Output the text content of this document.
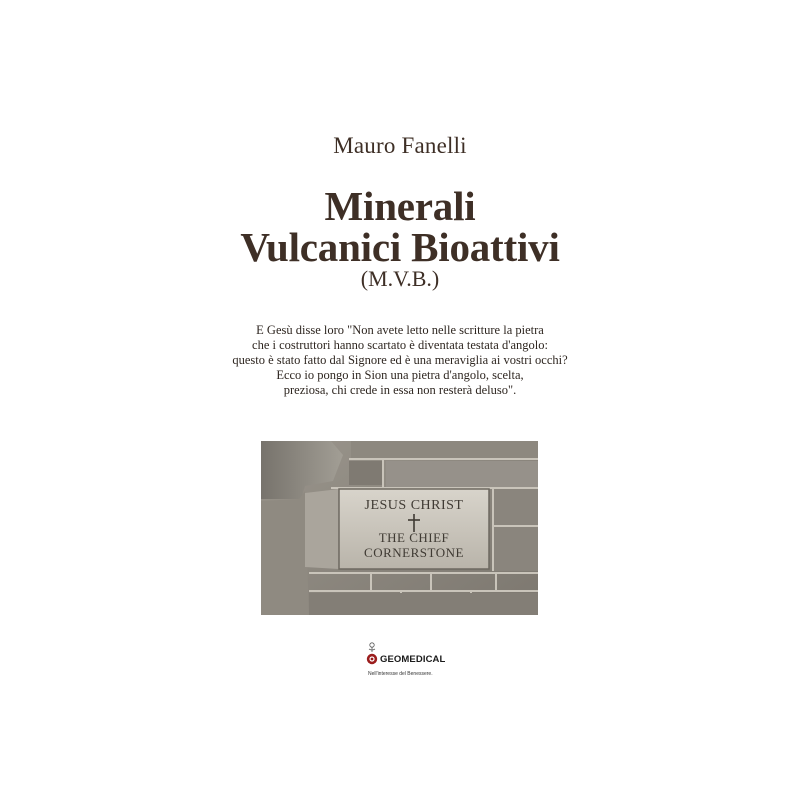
Mauro Fanelli
Minerali
Vulcanici Bioattivi
(M.V.B.)
E Gesù disse loro "Non avete letto nelle scritture la pietra
che i costruttori hanno scartato è diventata testata d'angolo:
questo è stato fatto dal Signore ed è una meraviglia ai vostri occhi?
Ecco io pongo in Sion una pietra d'angolo, scelta,
preziosa, chi crede in essa non resterà deluso".
JESUS CHRIST
THE CHIEF
CORNERSTONE
GEOMEDICAL
Nell'interesse del Benessere.
